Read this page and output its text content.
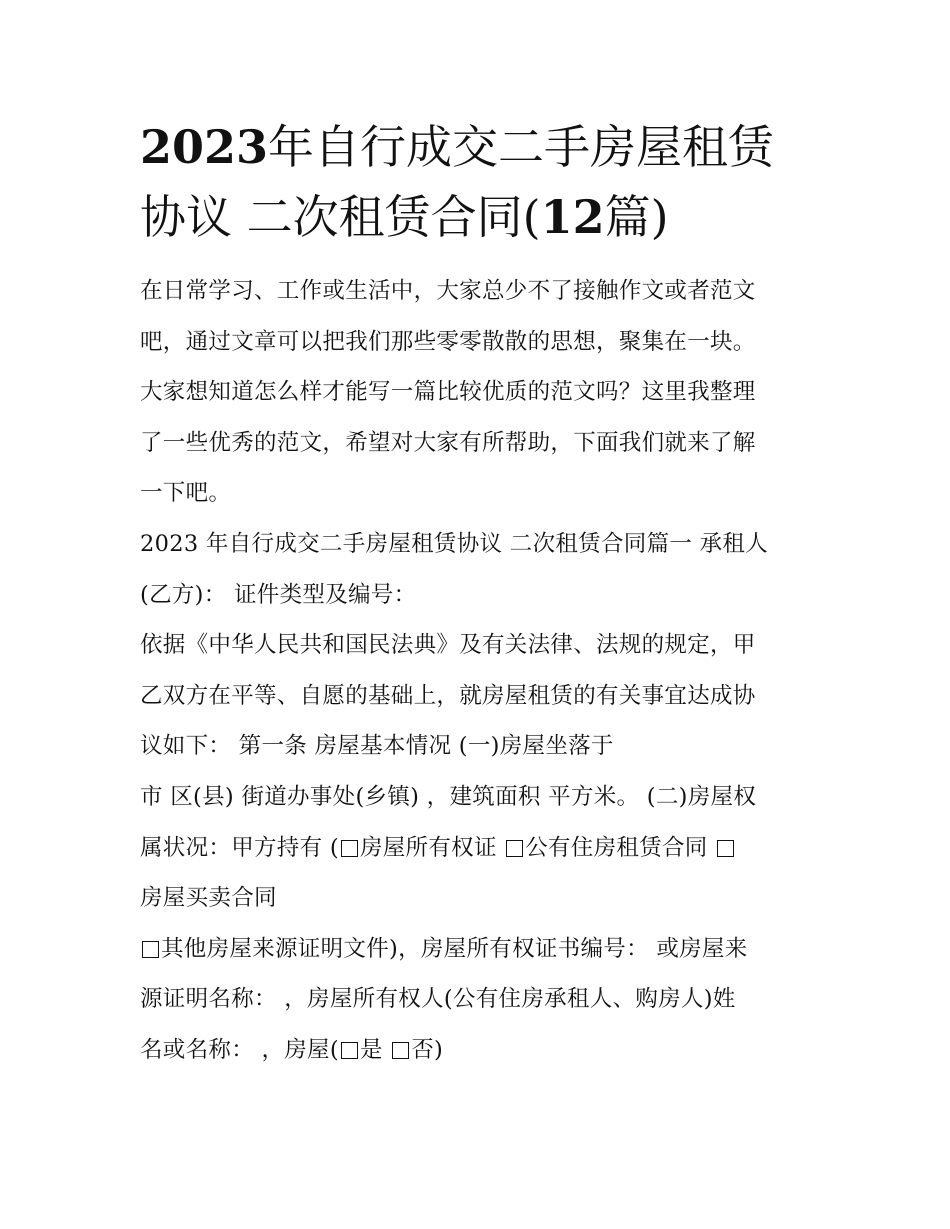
2023年自行成交二手房屋租赁
协议 二次租赁合同(12篇)
在日常学习、工作或生活中，大家总少不了接触作文或者范文
吧，通过文章可以把我们那些零零散散的思想，聚集在一块。
大家想知道怎么样才能写一篇比较优质的范文吗？这里我整理
了一些优秀的范文，希望对大家有所帮助，下面我们就来了解
一下吧。
2023 年自行成交二手房屋租赁协议 二次租赁合同篇一 承租人
(乙方)： 证件类型及编号：
依据《中华人民共和国民法典》及有关法律、法规的规定，甲
乙双方在平等、自愿的基础上，就房屋租赁的有关事宜达成协
议如下： 第一条 房屋基本情况 (一)房屋坐落于
市 区(县) 街道办事处(乡镇) ，建筑面积 平方米。 (二)房屋权
属状况：甲方持有 ( 房屋所有权证 公有住房租赁合同
房屋买卖合同
其他房屋来源证明文件)，房屋所有权证书编号： 或房屋来
源证明名称： ，房屋所有权人(公有住房承租人、购房人)姓
名或名称： ，房屋( 是 否)
